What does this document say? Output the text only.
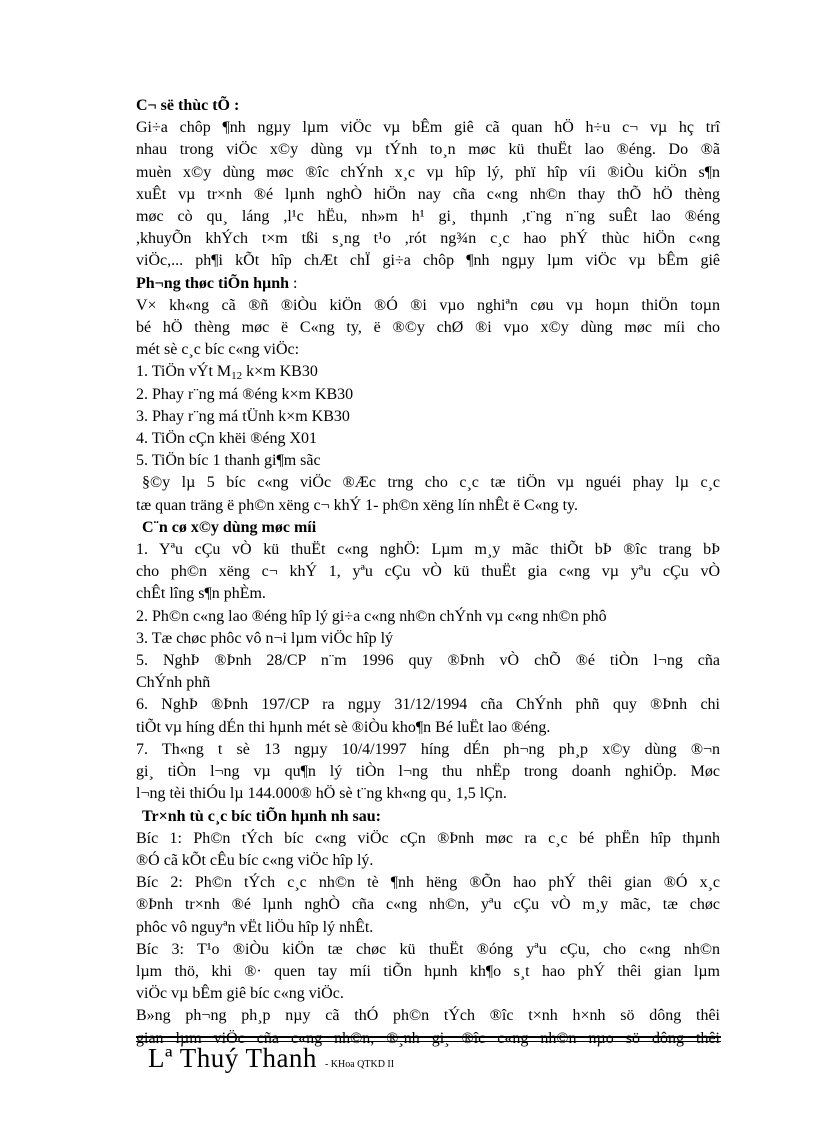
C¬ së thùc tÕ :
Gi÷a chôp ¶nh ngµy lµm viÖc vµ bÊm giê cã quan hÖ h÷u c¬ vµ hç trî
nhau trong viÖc x©y dùng vµ tÝnh to¸n møc kü thuËt lao ®éng. Do ®ã
muèn x©y dùng møc ®îc chÝnh x¸c vµ hîp lý, phï hîp víi ®iÒu kiÖn s¶n
xuÊt vµ tr×nh ®é lµnh nghÒ hiÖn nay cña c«ng nh©n thay thÕ hÖ thèng
møc cò qu¸ láng ,l¹c hËu, nh»m h¹ gi¸ thµnh ,t¨ng n¨ng suÊt lao ®éng
,khuyÕn khÝch t×m tßi s¸ng t¹o ,rót ng¾n c¸c hao phÝ thùc hiÖn c«ng
viÖc,... ph¶i kÕt hîp chÆt chÏ gi÷a chôp ¶nh ngµy lµm viÖc vµ bÊm giê
Ph¬ng thøc tiÕn hµnh :
V× kh«ng cã ®ñ ®iÒu kiÖn ®Ó ®i vµo nghiªn cøu vµ hoµn thiÖn toµn
bé hÖ thèng møc ë C«ng ty, ë ®©y chØ ®i vµo x©y dùng møc míi cho
mét sè c¸c bíc c«ng viÖc:
1. TiÖn vÝt $M_{12}$ k×m KB30
2. Phay r¨ng má ®éng k×m KB30
3. Phay r¨ng má tÜnh k×m KB30
4. TiÖn cÇn khëi ®éng X01
5. TiÖn bíc 1 thanh gi¶m sãc
§©y lµ 5 bíc c«ng viÖc ®Æc trng cho c¸c tæ tiÖn vµ nguéi phay lµ c¸c
tæ quan träng ë ph©n xëng c¬ khÝ 1- ph©n xëng lín nhÊt ë C«ng ty.
C¨n cø x©y dùng møc míi
1. Yªu cÇu vÒ kü thuËt c«ng nghÖ: Lµm m¸y mãc thiÕt bÞ ®îc trang bÞ
cho ph©n xëng c¬ khÝ 1, yªu cÇu vÒ kü thuËt gia c«ng vµ yªu cÇu vÒ
chÊt lîng s¶n phÈm.
2. Ph©n c«ng lao ®éng hîp lý gi÷a c«ng nh©n chÝnh vµ c«ng nh©n phô
3. Tæ chøc phôc vô n¬i lµm viÖc hîp lý
5. NghÞ ®Þnh 28/CP n¨m 1996 quy ®Þnh vÒ chÕ ®é tiÒn l¬ng cña
ChÝnh phñ
6. NghÞ ®Þnh 197/CP ra ngµy 31/12/1994 cña ChÝnh phñ quy ®Þnh chi
tiÕt vµ híng dÉn thi hµnh mét sè ®iÒu kho¶n Bé luËt lao ®éng.
7. Th«ng t sè 13 ngµy 10/4/1997 híng dÉn ph¬ng ph¸p x©y dùng ®¬n
gi¸ tiÒn l¬ng vµ qu¶n lý tiÒn l¬ng thu nhËp trong doanh nghiÖp. Møc
l¬ng tèi thiÓu lµ 144.000® hÖ sè t¨ng kh«ng qu¸ 1,5 lÇn.
Tr×nh tù c¸c bíc tiÕn hµnh nh sau:
Bíc 1: Ph©n tÝch bíc c«ng viÖc cÇn ®Þnh møc ra c¸c bé phËn hîp thµnh
®Ó cã kÕt cÊu bíc c«ng viÖc hîp lý.
Bíc 2: Ph©n tÝch c¸c nh©n tè ¶nh hëng ®Õn hao phÝ thêi gian ®Ó x¸c
®Þnh tr×nh ®é lµnh nghÒ cña c«ng nh©n, yªu cÇu vÒ m¸y mãc, tæ chøc
phôc vô nguyªn vËt liÖu hîp lý nhÊt.
Bíc 3: T¹o ®iÒu kiÖn tæ chøc kü thuËt ®óng yªu cÇu, cho c«ng nh©n
lµm thö, khi ®· quen tay míi tiÕn hµnh kh¶o s¸t hao phÝ thêi gian lµm
viÖc vµ bÊm giê bíc c«ng viÖc.
B»ng ph¬ng ph¸p nµy cã thÓ ph©n tÝch ®îc t×nh h×nh sö dông thêi
gian lµm viÖc cña c«ng nh©n, ®¸nh gi¸ ®îc c«ng nh©n nµo sö dông thêi
Lª Thuý Thanh - KHoa QTKD II
